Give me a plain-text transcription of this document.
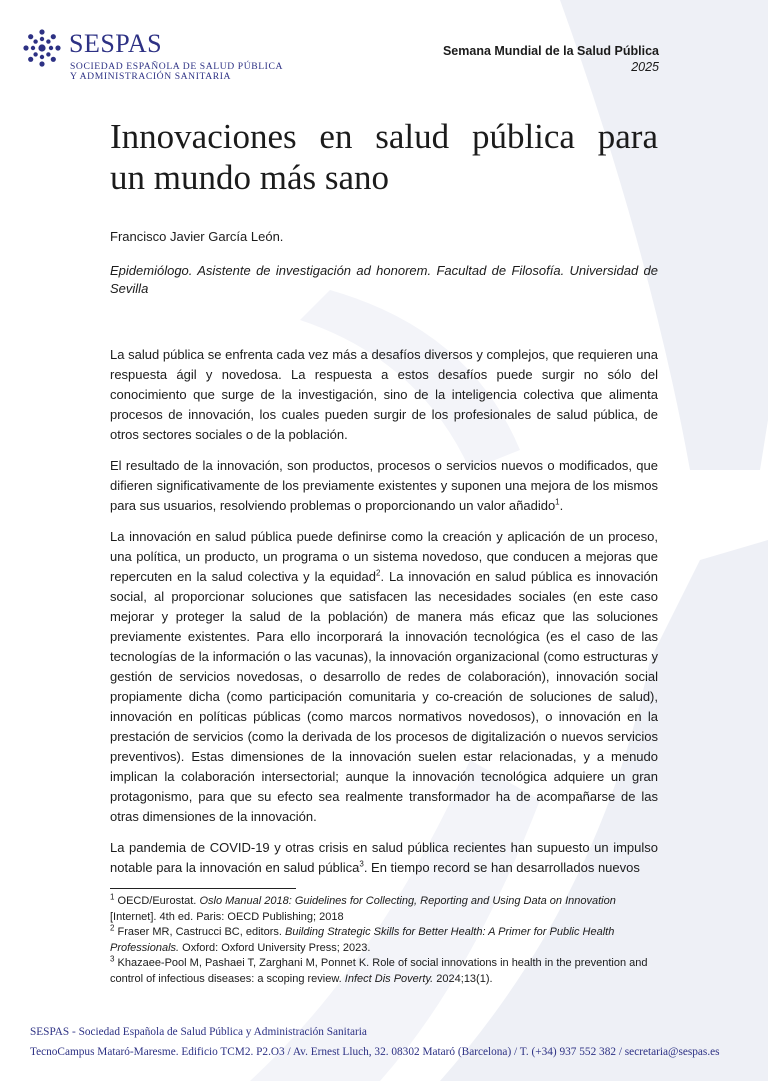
SESPAS
SOCIEDAD ESPAÑOLA DE SALUD PÚBLICA
Y ADMINISTRACIÓN SANITARIA
Semana Mundial de la Salud Pública
2025
Innovaciones en salud pública para
un mundo más sano
Francisco Javier García León.
Epidemiólogo. Asistente de investigación ad honorem. Facultad de Filosofía. Universidad de Sevilla

La salud pública se enfrenta cada vez más a desafíos diversos y complejos, que requieren una respuesta ágil y novedosa. La respuesta a estos desafíos puede surgir no sólo del conocimiento que surge de la investigación, sino de la inteligencia colectiva que alimenta procesos de innovación, los cuales pueden surgir de los profesionales de salud pública, de otros sectores sociales o de la población.

El resultado de la innovación, son productos, procesos o servicios nuevos o modificados, que difieren significativamente de los previamente existentes y suponen una mejora de los mismos para sus usuarios, resolviendo problemas o proporcionando un valor añadido$^1$.

La innovación en salud pública puede definirse como la creación y aplicación de un proceso, una política, un producto, un programa o un sistema novedoso, que conducen a mejoras que repercuten en la salud colectiva y la equidad$^2$. La innovación en salud pública es innovación social, al proporcionar soluciones que satisfacen las necesidades sociales (en este caso mejorar y proteger la salud de la población) de manera más eficaz que las soluciones previamente existentes. Para ello incorporará la innovación tecnológica (es el caso de las tecnologías de la información o las vacunas), la innovación organizacional (como estructuras y gestión de servicios novedosas, o desarrollo de redes de colaboración), innovación social propiamente dicha (como participación comunitaria y co-creación de soluciones de salud), innovación en políticas públicas (como marcos normativos novedosos), o innovación en la prestación de servicios (como la derivada de los procesos de digitalización o nuevos servicios preventivos). Estas dimensiones de la innovación suelen estar relacionadas, y a menudo implican la colaboración intersectorial; aunque la innovación tecnológica adquiere un gran protagonismo, para que su efecto sea realmente transformador ha de acompañarse de las otras dimensiones de la innovación.

La pandemia de COVID-19 y otras crisis en salud pública recientes han supuesto un impulso notable para la innovación en salud pública$^3$. En tiempo record se han desarrollados nuevos

$^1$ OECD/Eurostat. Oslo Manual 2018: Guidelines for Collecting, Reporting and Using Data on Innovation [Internet]. 4th ed. Paris: OECD Publishing; 2018
$^2$ Fraser MR, Castrucci BC, editors. Building Strategic Skills for Better Health: A Primer for Public Health Professionals. Oxford: Oxford University Press; 2023.
$^3$ Khazaee-Pool M, Pashaei T, Zarghani M, Ponnet K. Role of social innovations in health in the prevention and control of infectious diseases: a scoping review. Infect Dis Poverty. 2024;13(1).
SESPAS - Sociedad Española de Salud Pública y Administración Sanitaria
TecnoCampus Mataró-Maresme. Edificio TCM2. P2.O3 / Av. Ernest Lluch, 32. 08302 Mataró (Barcelona) / T. (+34) 937 552 382 / secretaria@sespas.es
